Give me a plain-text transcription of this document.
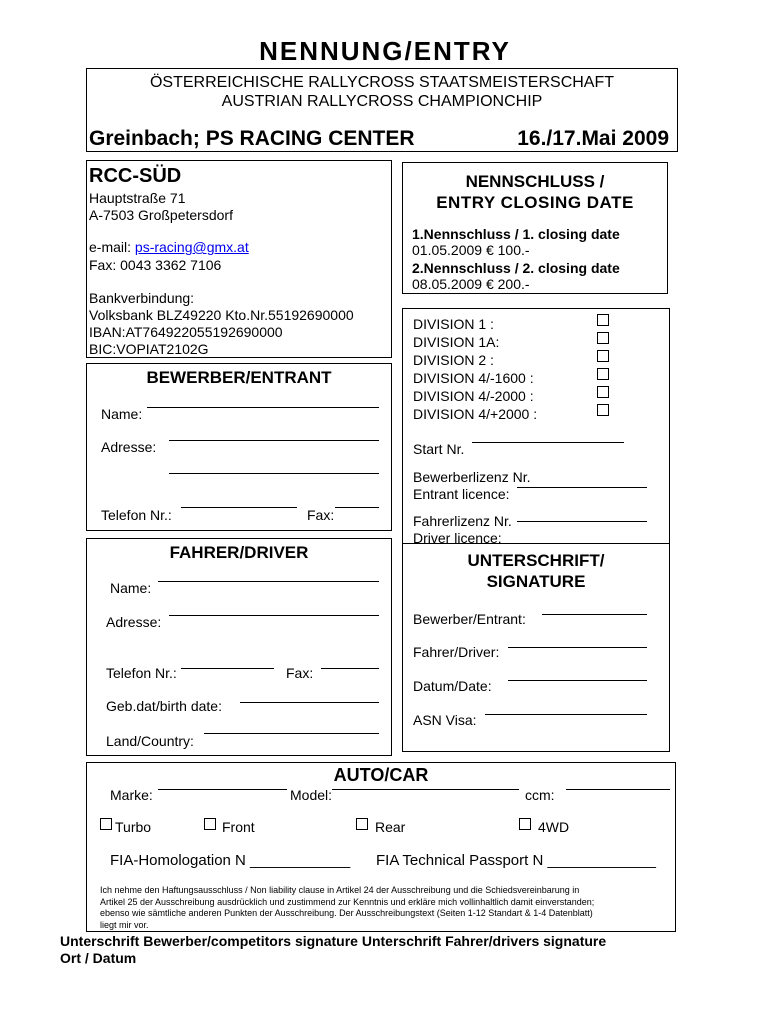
NENNUNG/ENTRY
ÖSTERREICHISCHE RALLYCROSS STAATSMEISTERSCHAFT
AUSTRIAN RALLYCROSS CHAMPIONCHIP
Greinbach; PS RACING CENTER	16./17.Mai 2009
RCC-SÜD
Hauptstraße 71
A-7503 Großpetersdorf
e-mail: ps-racing@gmx.at
Fax: 0043 3362 7106
Bankverbindung:
Volksbank BLZ49220 Kto.Nr.55192690000
IBAN:AT764922055192690000
BIC:VOPIAT2102G
NENNSCHLUSS /
ENTRY CLOSING DATE
1.Nennschluss / 1. closing date
01.05.2009 € 100.-
2.Nennschluss / 2. closing date
08.05.2009 € 200.-
DIVISION 1 :
DIVISION 1A:
DIVISION 2 :
DIVISION 4/-1600 :
DIVISION 4/-2000 :
DIVISION 4/+2000 :
Start Nr.
Bewerberlizenz Nr.
Entrant licence:
Fahrerlizenz Nr.
Driver licence:
BEWERBER/ENTRANT
Name:
Adresse:
Telefon Nr.:	Fax:
FAHRER/DRIVER
Name:
Adresse:
Telefon Nr.:	Fax:
Geb.dat/birth date:
Land/Country:
UNTERSCHRIFT/
SIGNATURE
Bewerber/Entrant:
Fahrer/Driver:
Datum/Date:
ASN Visa:
AUTO/CAR
Marke:	Model:	ccm:
Turbo	Front	Rear	4WD
FIA-Homologation N ____________ FIA Technical Passport N _____________
Ich nehme den Haftungsausschluss / Non liability clause in Artikel 24 der Ausschreibung und die Schiedsvereinbarung in
Artikel 25 der Ausschreibung ausdrücklich und zustimmend zur Kenntnis und erkläre mich vollinhaltlich damit einverstanden;
ebenso wie sämtliche anderen Punkten der Ausschreibung. Der Ausschreibungstext (Seiten 1-12 Standart & 1-4 Datenblatt)
liegt mir vor.
Unterschrift Bewerber/competitors signature Unterschrift Fahrer/drivers signature
Ort / Datum
